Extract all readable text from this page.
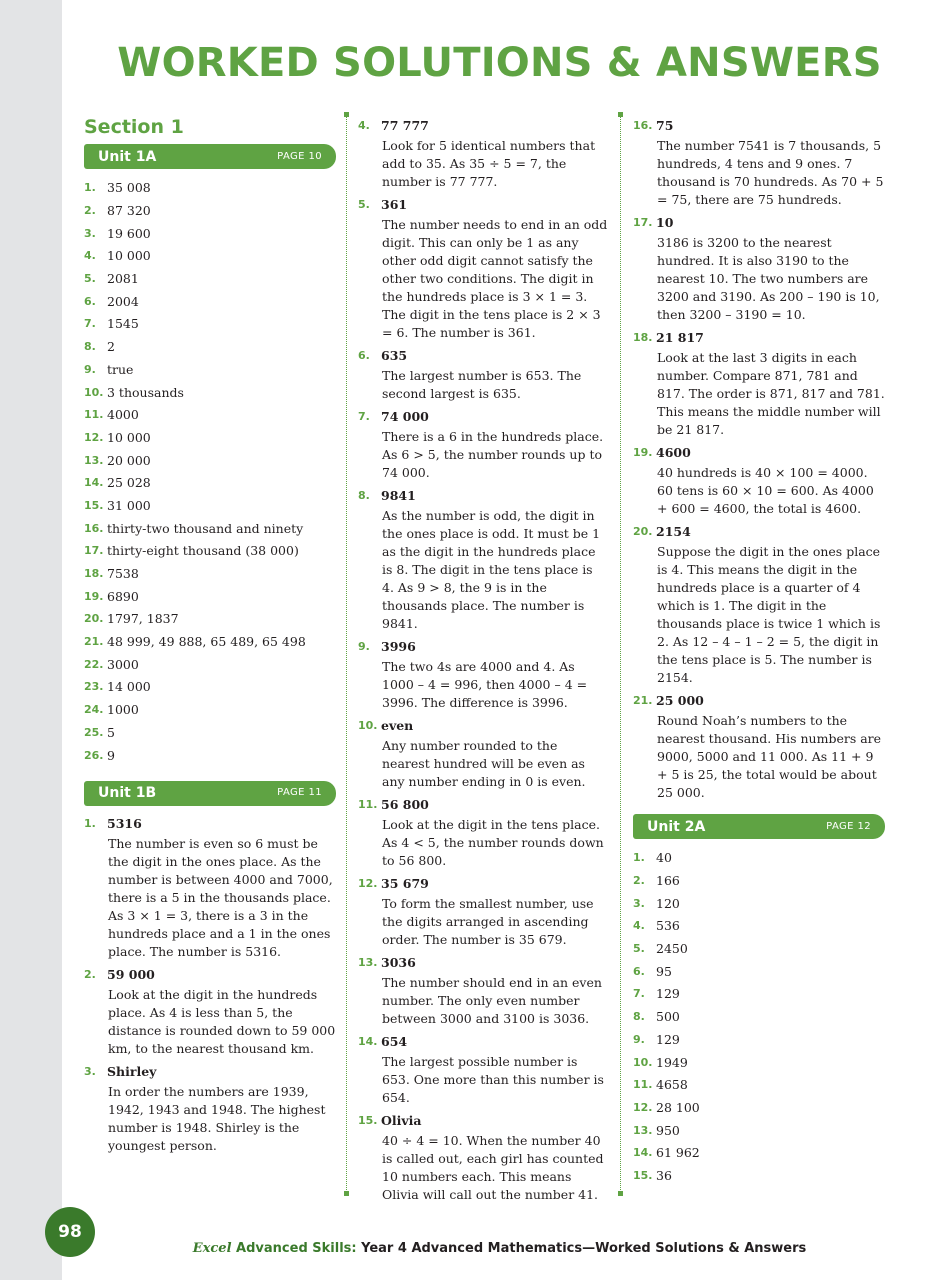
WORKED SOLUTIONS & ANSWERS
Section 1
Unit 1A	PAGE 10
1. 35 008
2. 87 320
3. 19 600
4. 10 000
5. 2081
6. 2004
7. 1545
8. 2
9. true
10. 3 thousands
11. 4000
12. 10 000
13. 20 000
14. 25 028
15. 31 000
16. thirty-two thousand and ninety
17. thirty-eight thousand (38 000)
18. 7538
19. 6890
20. 1797, 1837
21. 48 999, 49 888, 65 489, 65 498
22. 3000
23. 14 000
24. 1000
25. 5
26. 9
Unit 1B	PAGE 11
1. 5316
The number is even so 6 must be the digit in the ones place. As the number is between 4000 and 7000, there is a 5 in the thousands place. As 3 × 1 = 3, there is a 3 in the hundreds place and a 1 in the ones place. The number is 5316.
2. 59 000
Look at the digit in the hundreds place. As 4 is less than 5, the distance is rounded down to 59 000 km, to the nearest thousand km.
3. Shirley
In order the numbers are 1939, 1942, 1943 and 1948. The highest number is 1948. Shirley is the youngest person.
4. 77 777
Look for 5 identical numbers that add to 35. As 35 ÷ 5 = 7, the number is 77 777.
5. 361
The number needs to end in an odd digit. This can only be 1 as any other odd digit cannot satisfy the other two conditions. The digit in the hundreds place is 3 × 1 = 3. The digit in the tens place is 2 × 3 = 6. The number is 361.
6. 635
The largest number is 653. The second largest is 635.
7. 74 000
There is a 6 in the hundreds place. As 6 > 5, the number rounds up to 74 000.
8. 9841
As the number is odd, the digit in the ones place is odd. It must be 1 as the digit in the hundreds place is 8. The digit in the tens place is 4. As 9 > 8, the 9 is in the thousands place. The number is 9841.
9. 3996
The two 4s are 4000 and 4. As 1000 – 4 = 996, then 4000 – 4 = 3996. The difference is 3996.
10. even
Any number rounded to the nearest hundred will be even as any number ending in 0 is even.
11. 56 800
Look at the digit in the tens place. As 4 < 5, the number rounds down to 56 800.
12. 35 679
To form the smallest number, use the digits arranged in ascending order. The number is 35 679.
13. 3036
The number should end in an even number. The only even number between 3000 and 3100 is 3036.
14. 654
The largest possible number is 653. One more than this number is 654.
15. Olivia
40 ÷ 4 = 10. When the number 40 is called out, each girl has counted 10 numbers each. This means Olivia will call out the number 41.
16. 75
The number 7541 is 7 thousands, 5 hundreds, 4 tens and 9 ones. 7 thousand is 70 hundreds. As 70 + 5 = 75, there are 75 hundreds.
17. 10
3186 is 3200 to the nearest hundred. It is also 3190 to the nearest 10. The two numbers are 3200 and 3190. As 200 – 190 is 10, then 3200 – 3190 = 10.
18. 21 817
Look at the last 3 digits in each number. Compare 871, 781 and 817. The order is 871, 817 and 781. This means the middle number will be 21 817.
19. 4600
40 hundreds is 40 × 100 = 4000. 60 tens is 60 × 10 = 600. As 4000 + 600 = 4600, the total is 4600.
20. 2154
Suppose the digit in the ones place is 4. This means the digit in the hundreds place is a quarter of 4 which is 1. The digit in the thousands place is twice 1 which is 2. As 12 – 4 – 1 – 2 = 5, the digit in the tens place is 5. The number is 2154.
21. 25 000
Round Noah’s numbers to the nearest thousand. His numbers are 9000, 5000 and 11 000. As 11 + 9 + 5 is 25, the total would be about 25 000.
Unit 2A	PAGE 12
1. 40
2. 166
3. 120
4. 536
5. 2450
6. 95
7. 129
8. 500
9. 129
10. 1949
11. 4658
12. 28 100
13. 950
14. 61 962
15. 36
98
Excel Advanced Skills: Year 4 Advanced Mathematics—Worked Solutions & Answers
